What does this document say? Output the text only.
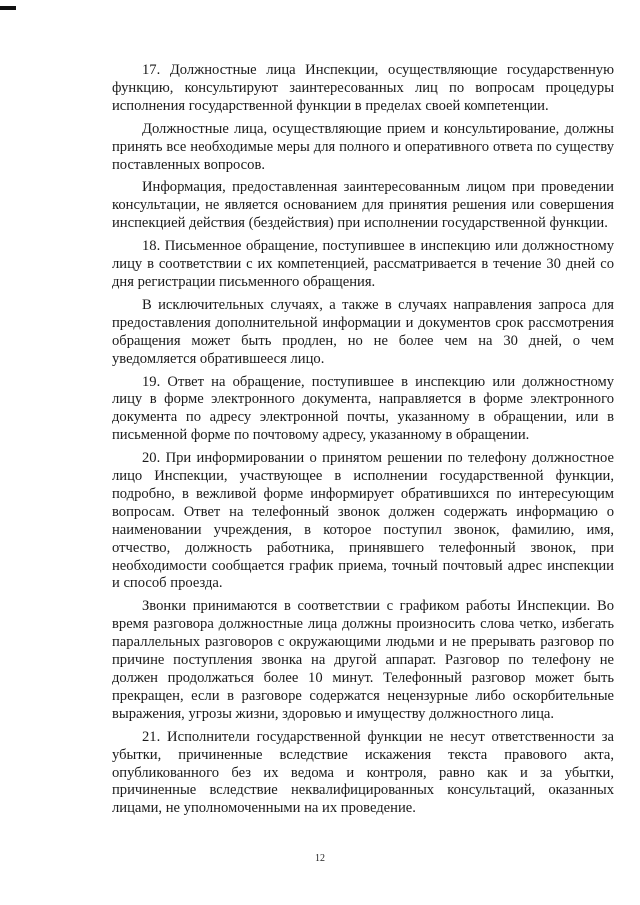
17. Должностные лица Инспекции, осуществляющие государственную функцию, консультируют заинтересованных лиц по вопросам процедуры исполнения государственной функции в пределах своей компетенции.

Должностные лица, осуществляющие прием и консультирование, должны принять все необходимые меры для полного и оперативного ответа по существу поставленных вопросов.

Информация, предоставленная заинтересованным лицом при проведении консультации, не является основанием для принятия решения или совершения инспекцией действия (бездействия) при исполнении государственной функции.

18. Письменное обращение, поступившее в инспекцию или должностному лицу в соответствии с их компетенцией, рассматривается в течение 30 дней со дня регистрации письменного обращения.

В исключительных случаях, а также в случаях направления запроса для предоставления дополнительной информации и документов срок рассмотрения обращения может быть продлен, но не более чем на 30 дней, о чем уведомляется обратившееся лицо.

19. Ответ на обращение, поступившее в инспекцию или должностному лицу в форме электронного документа, направляется в форме электронного документа по адресу электронной почты, указанному в обращении, или в письменной форме по почтовому адресу, указанному в обращении.

20. При информировании о принятом решении по телефону должностное лицо Инспекции, участвующее в исполнении государственной функции, подробно, в вежливой форме информирует обратившихся по интересующим вопросам. Ответ на телефонный звонок должен содержать информацию о наименовании учреждения, в которое поступил звонок, фамилию, имя, отчество, должность работника, принявшего телефонный звонок, при необходимости сообщается график приема, точный почтовый адрес инспекции и способ проезда.

Звонки принимаются в соответствии с графиком работы Инспекции. Во время разговора должностные лица должны произносить слова четко, избегать параллельных разговоров с окружающими людьми и не прерывать разговор по причине поступления звонка на другой аппарат. Разговор по телефону не должен продолжаться более 10 минут. Телефонный разговор может быть прекращен, если в разговоре содержатся нецензурные либо оскорбительные выражения, угрозы жизни, здоровью и имуществу должностного лица.

21. Исполнители государственной функции не несут ответственности за убытки, причиненные вследствие искажения текста правового акта, опубликованного без их ведома и контроля, равно как и за убытки, причиненные вследствие неквалифицированных консультаций, оказанных лицами, не уполномоченными на их проведение.

12
